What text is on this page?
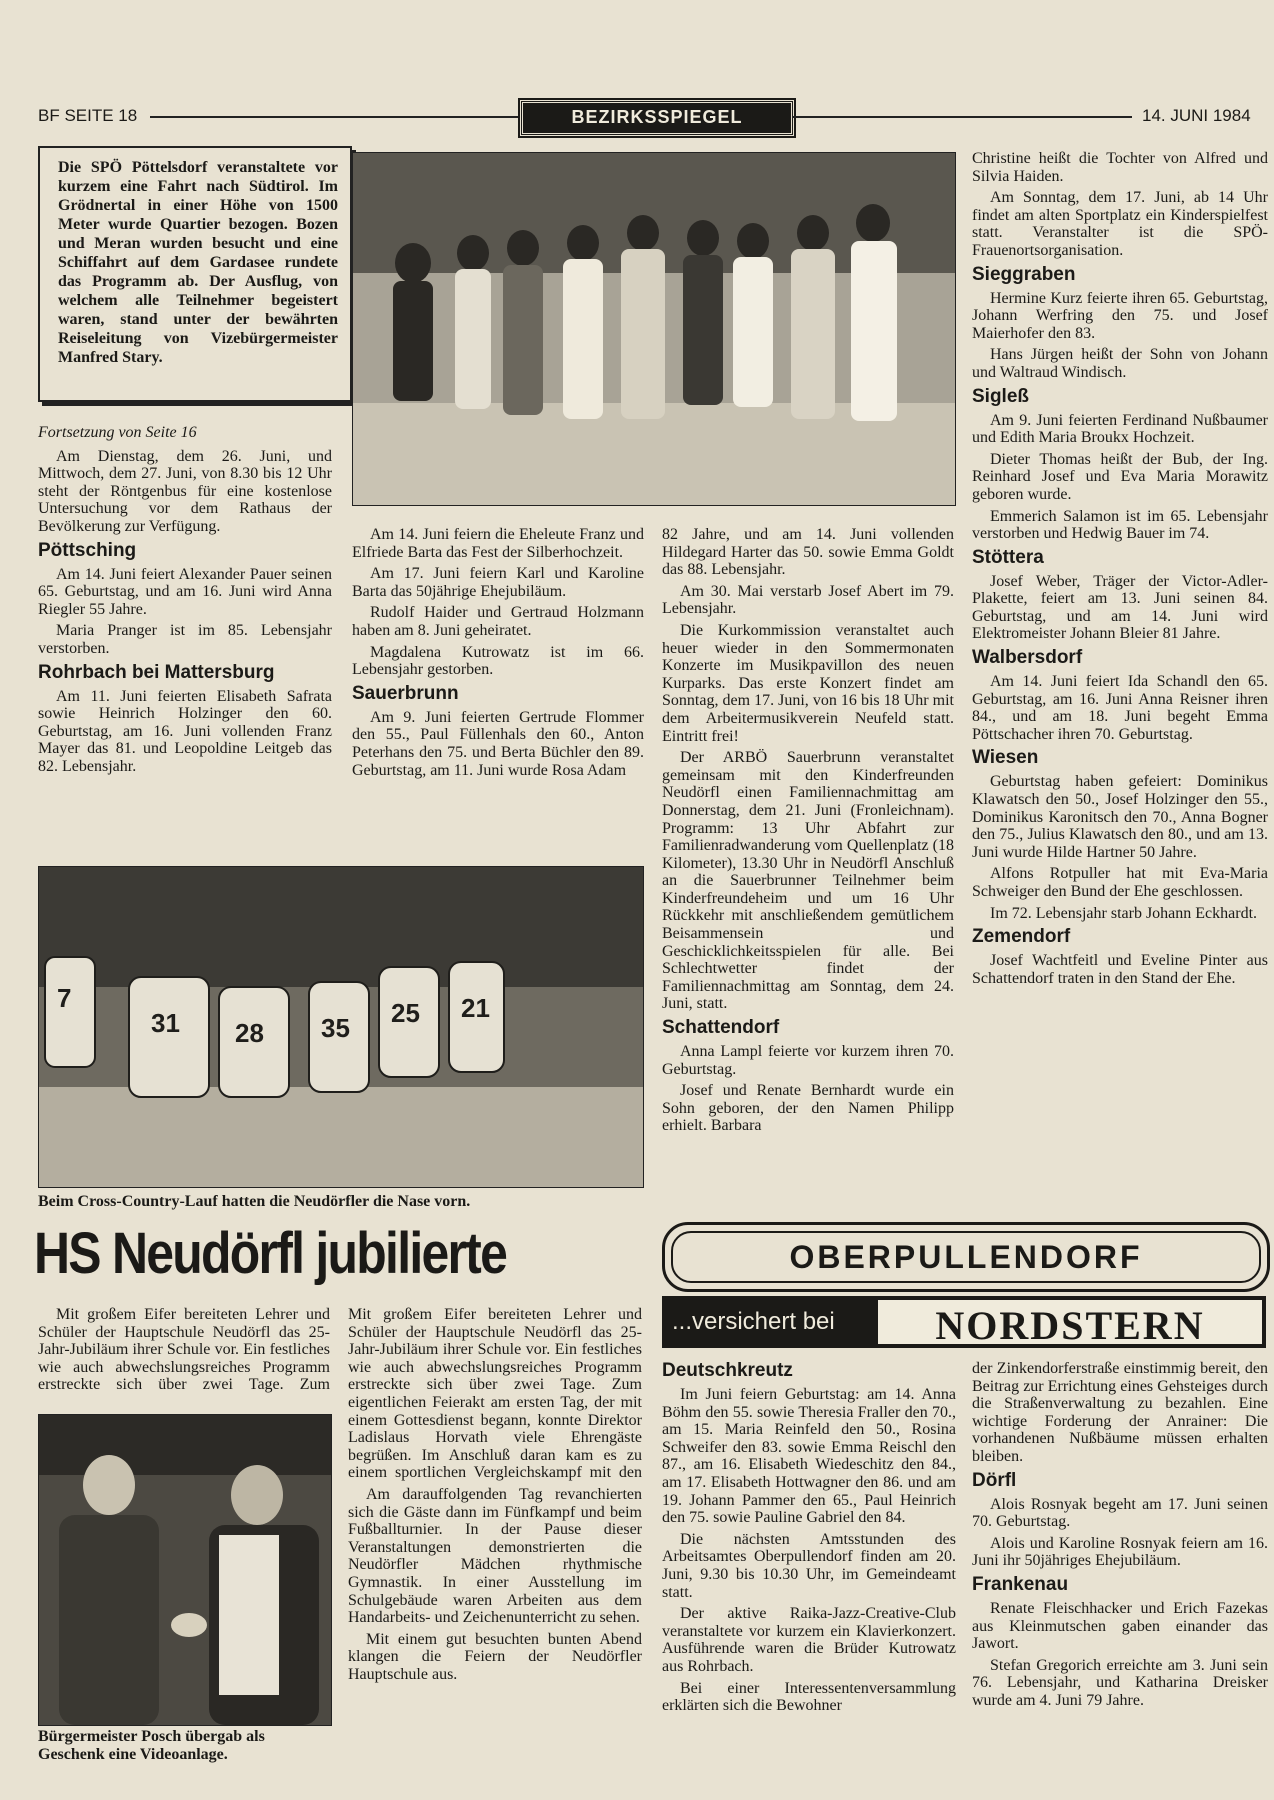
BF SEITE 18	BEZIRKSSPIEGEL	14. JUNI 1984
Die SPÖ Pöttelsdorf veranstaltete vor kurzem eine Fahrt nach Südtirol. Im Grödnertal in einer Höhe von 1500 Meter wurde Quartier bezogen. Bozen und Meran wurden besucht und eine Schiffahrt auf dem Gardasee rundete das Programm ab. Der Ausflug, von welchem alle Teilnehmer begeistert waren, stand unter der bewährten Reiseleitung von Vizebürgermeister Manfred Stary.

Fortsetzung von Seite 16

Am Dienstag, dem 26. Juni, und Mittwoch, dem 27. Juni, von 8.30 bis 12 Uhr steht der Röntgenbus für eine kostenlose Untersuchung vor dem Rathaus der Bevölkerung zur Verfügung.

Pöttsching

Am 14. Juni feiert Alexander Pauer seinen 65. Geburtstag, und am 16. Juni wird Anna Riegler 55 Jahre.

Maria Pranger ist im 85. Lebensjahr verstorben.

Rohrbach bei Mattersburg

Am 11. Juni feierten Elisabeth Safrata sowie Heinrich Holzinger den 60. Geburtstag, am 16. Juni vollenden Franz Mayer das 81. und Leopoldine Leitgeb das 82. Lebensjahr.

Am 14. Juni feiern die Eheleute Franz und Elfriede Barta das Fest der Silberhochzeit.

Am 17. Juni feiern Karl und Karoline Barta das 50jährige Ehejubiläum.

Rudolf Haider und Gertraud Holzmann haben am 8. Juni geheiratet.

Magdalena Kutrowatz ist im 66. Lebensjahr gestorben.

Sauerbrunn

Am 9. Juni feierten Gertrude Flommer den 55., Paul Füllenhals den 60., Anton Peterhans den 75. und Berta Büchler den 89. Geburtstag, am 11. Juni wurde Rosa Adam

82 Jahre, und am 14. Juni vollenden Hildegard Harter das 50. sowie Emma Goldt das 88. Lebensjahr.

Am 30. Mai verstarb Josef Abert im 79. Lebensjahr.

Die Kurkommission veranstaltet auch heuer wieder in den Sommermonaten Konzerte im Musikpavillon des neuen Kurparks. Das erste Konzert findet am Sonntag, dem 17. Juni, von 16 bis 18 Uhr mit dem Arbeitermusikverein Neufeld statt. Eintritt frei!

Der ARBÖ Sauerbrunn veranstaltet gemeinsam mit den Kinderfreunden Neudörfl einen Familiennachmittag am Donnerstag, dem 21. Juni (Fronleichnam). Programm: 13 Uhr Abfahrt zur Familienradwanderung vom Quellenplatz (18 Kilometer), 13.30 Uhr in Neudörfl Anschluß an die Sauerbrunner Teilnehmer beim Kinderfreundeheim und um 16 Uhr Rückkehr mit anschließendem gemütlichem Beisammensein und Geschicklichkeitsspielen für alle. Bei Schlechtwetter findet der Familiennachmittag am Sonntag, dem 24. Juni, statt.

Schattendorf

Anna Lampl feierte vor kurzem ihren 70. Geburtstag.

Josef und Renate Bernhardt wurde ein Sohn geboren, der den Namen Philipp erhielt. Barbara

Christine heißt die Tochter von Alfred und Silvia Haiden.

Am Sonntag, dem 17. Juni, ab 14 Uhr findet am alten Sportplatz ein Kinderspielfest statt. Veranstalter ist die SPÖ-Frauenortsorganisation.

Sieggraben

Hermine Kurz feierte ihren 65. Geburtstag, Johann Werfring den 75. und Josef Maierhofer den 83.

Hans Jürgen heißt der Sohn von Johann und Waltraud Windisch.

Sigleß

Am 9. Juni feierten Ferdinand Nußbaumer und Edith Maria Broukx Hochzeit.

Dieter Thomas heißt der Bub, der Ing. Reinhard Josef und Eva Maria Morawitz geboren wurde.

Emmerich Salamon ist im 65. Lebensjahr verstorben und Hedwig Bauer im 74.

Stöttera

Josef Weber, Träger der Victor-Adler-Plakette, feiert am 13. Juni seinen 84. Geburtstag, und am 14. Juni wird Elektromeister Johann Bleier 81 Jahre.

Walbersdorf

Am 14. Juni feiert Ida Schandl den 65. Geburtstag, am 16. Juni Anna Reisner ihren 84., und am 18. Juni begeht Emma Pöttschacher ihren 70. Geburtstag.

Wiesen

Geburtstag haben gefeiert: Dominikus Klawatsch den 50., Josef Holzinger den 55., Dominikus Karonitsch den 70., Anna Bogner den 75., Julius Klawatsch den 80., und am 13. Juni wurde Hilde Hartner 50 Jahre.

Alfons Rotpuller hat mit Eva-Maria Schweiger den Bund der Ehe geschlossen.

Im 72. Lebensjahr starb Johann Eckhardt.

Zemendorf

Josef Wachtfeitl und Eveline Pinter aus Schattendorf traten in den Stand der Ehe.

31 28 35 25 21
7
Beim Cross-Country-Lauf hatten die Neudörfler die Nase vorn.
HS Neudörfl jubilierte

Mit großem Eifer bereiteten Lehrer und Schüler der Hauptschule Neudörfl das 25-Jahr-Jubiläum ihrer Schule vor. Ein festliches wie auch abwechslungsreiches Programm erstreckte sich über zwei Tage. Zum

Bürgermeister Posch übergab als Geschenk eine Videoanlage.

Mit großem Eifer bereiteten Lehrer und Schüler der Hauptschule Neudörfl das 25-Jahr-Jubiläum ihrer Schule vor. Ein festliches wie auch abwechslungsreiches Programm erstreckte sich über zwei Tage. Zum eigentlichen Feierakt am ersten Tag, der mit einem Gottesdienst begann, konnte Direktor Ladislaus Horvath viele Ehrengäste begrüßen. Im Anschluß daran kam es zu einem sportlichen Vergleichskampf mit den

Am darauffolgenden Tag revanchierten sich die Gäste dann im Fünfkampf und beim Fußballturnier. In der Pause dieser Veranstaltungen demonstrierten die Neudörfler Mädchen rhythmische Gymnastik. In einer Ausstellung im Schulgebäude waren Arbeiten aus dem Handarbeits- und Zeichenunterricht zu sehen.

Mit einem gut besuchten bunten Abend klangen die Feiern der Neudörfler Hauptschule aus.

OBERPULLENDORF
...versichert bei	NORDSTERN
Deutschkreutz

Im Juni feiern Geburtstag: am 14. Anna Böhm den 55. sowie Theresia Fraller den 70., am 15. Maria Reinfeld den 50., Rosina Schweifer den 83. sowie Emma Reischl den 87., am 16. Elisabeth Wiedeschitz den 84., am 17. Elisabeth Hottwagner den 86. und am 19. Johann Pammer den 65., Paul Heinrich den 75. sowie Pauline Gabriel den 84.

Die nächsten Amtsstunden des Arbeitsamtes Oberpullendorf finden am 20. Juni, 9.30 bis 10.30 Uhr, im Gemeindeamt statt.

Der aktive Raika-Jazz-Creative-Club veranstaltete vor kurzem ein Klavierkonzert. Ausführende waren die Brüder Kutrowatz aus Rohrbach.

Bei einer Interessentenversammlung erklärten sich die Bewohner

der Zinkendorferstraße einstimmig bereit, den Beitrag zur Errichtung eines Gehsteiges durch die Straßenverwaltung zu bezahlen. Eine wichtige Forderung der Anrainer: Die vorhandenen Nußbäume müssen erhalten bleiben.

Dörfl

Alois Rosnyak begeht am 17. Juni seinen 70. Geburtstag.

Alois und Karoline Rosnyak feiern am 16. Juni ihr 50jähriges Ehejubiläum.

Frankenau

Renate Fleischhacker und Erich Fazekas aus Kleinmutschen gaben einander das Jawort.

Stefan Gregorich erreichte am 3. Juni sein 76. Lebensjahr, und Katharina Dreisker wurde am 4. Juni 79 Jahre.
